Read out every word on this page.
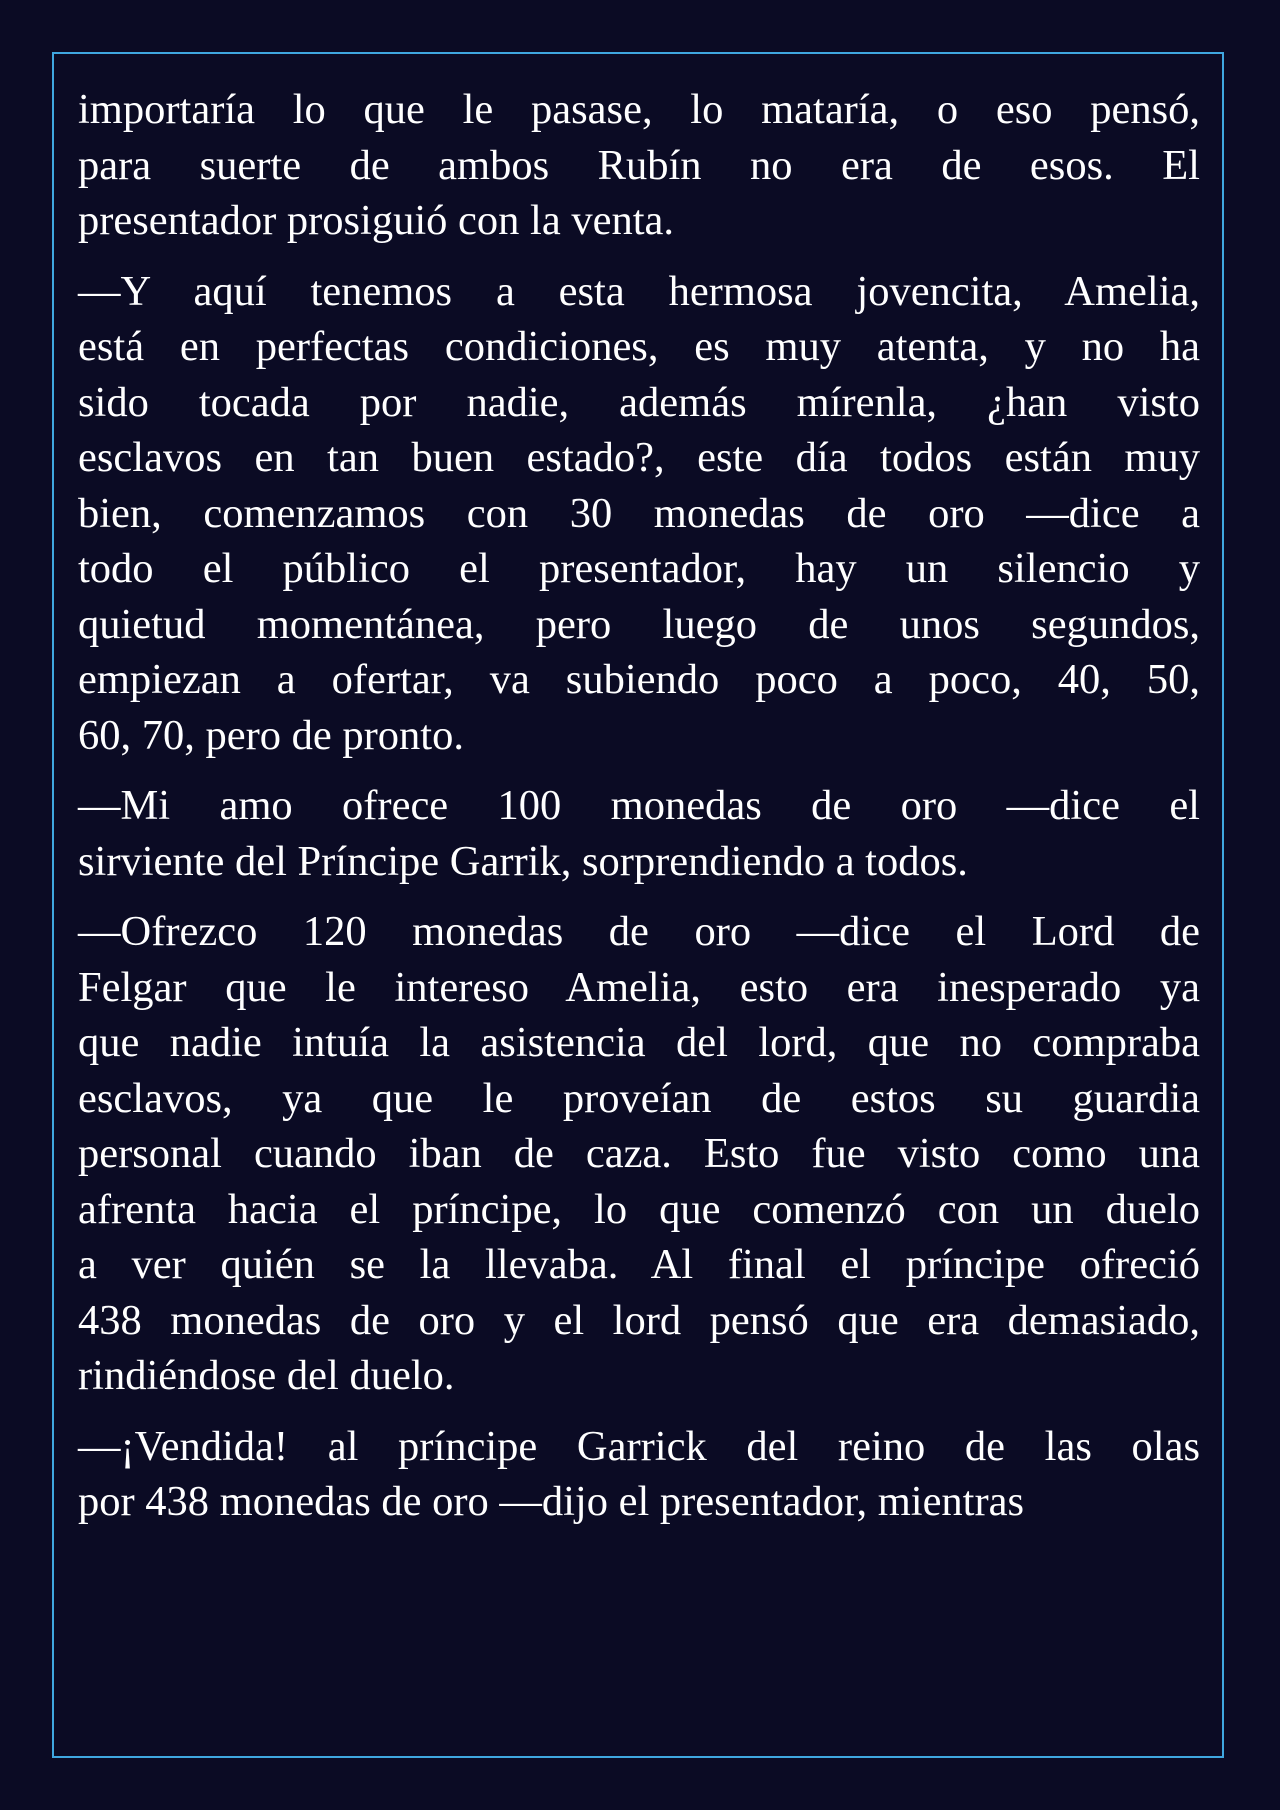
importaría lo que le pasase, lo mataría, o eso pensó,
para suerte de ambos Rubín no era de esos. El
presentador prosiguió con la venta.
—Y aquí tenemos a esta hermosa jovencita, Amelia,
está en perfectas condiciones, es muy atenta, y no ha
sido tocada por nadie, además mírenla, ¿han visto
esclavos en tan buen estado?, este día todos están muy
bien, comenzamos con 30 monedas de oro —dice a
todo el público el presentador, hay un silencio y
quietud momentánea, pero luego de unos segundos,
empiezan a ofertar, va subiendo poco a poco, 40, 50,
60, 70, pero de pronto.
—Mi amo ofrece 100 monedas de oro —dice el
sirviente del Príncipe Garrik, sorprendiendo a todos.
—Ofrezco 120 monedas de oro —dice el Lord de
Felgar que le intereso Amelia, esto era inesperado ya
que nadie intuía la asistencia del lord, que no compraba
esclavos, ya que le proveían de estos su guardia
personal cuando iban de caza. Esto fue visto como una
afrenta hacia el príncipe, lo que comenzó con un duelo
a ver quién se la llevaba. Al final el príncipe ofreció
438 monedas de oro y el lord pensó que era demasiado,
rindiéndose del duelo.
—¡Vendida! al príncipe Garrick del reino de las olas
por 438 monedas de oro —dijo el presentador, mientras
